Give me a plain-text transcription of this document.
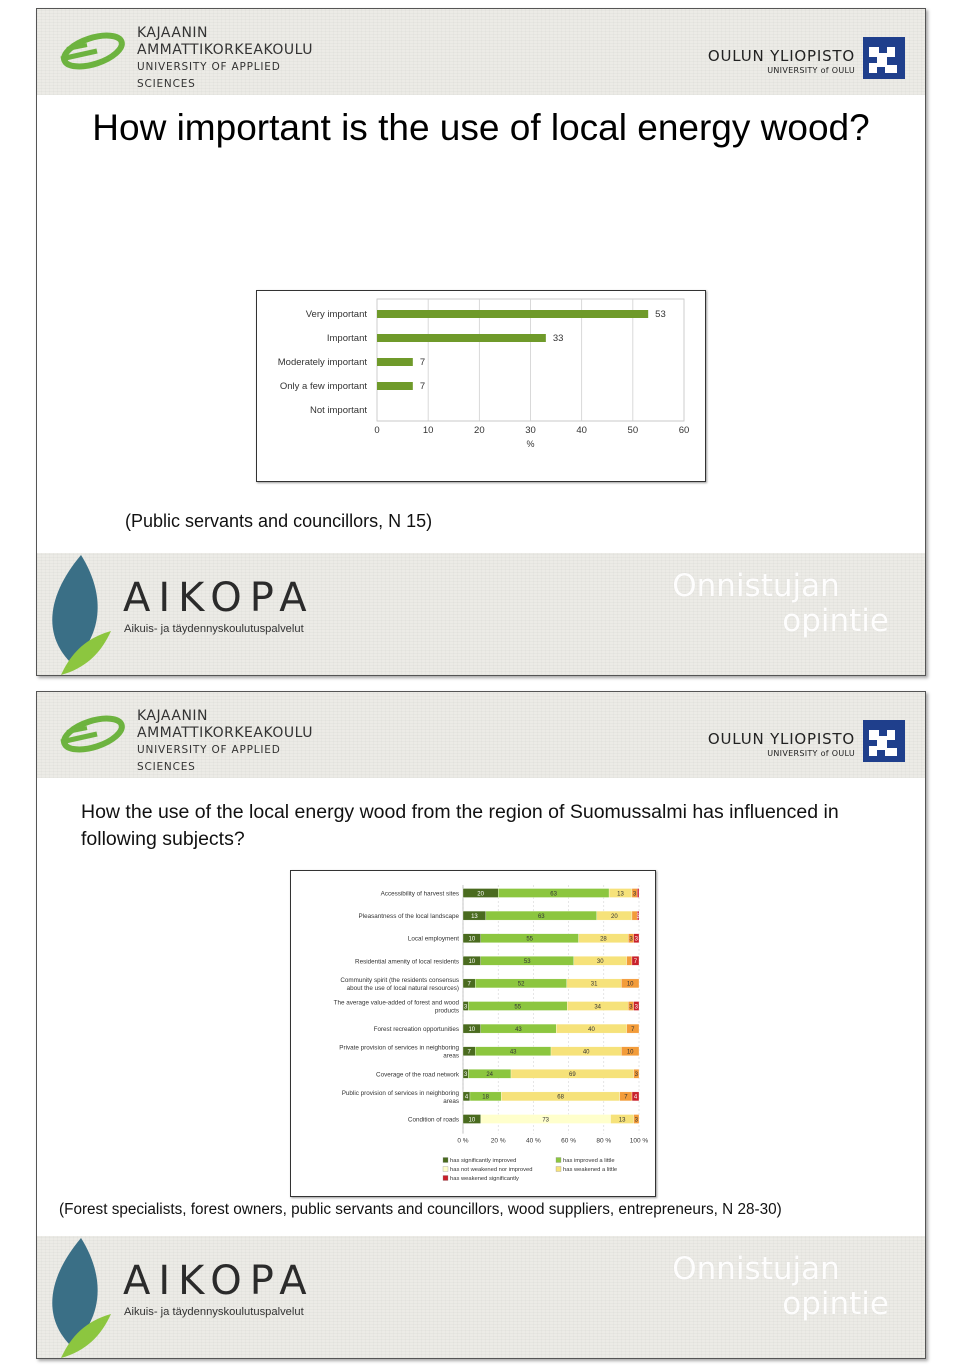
KAJAANIN
AMMATTIKORKEAKOULU
UNIVERSITY OF APPLIED SCIENCES
OULUN YLIOPISTO
UNIVERSITY of OULU
How important is the use of local energy wood?
0	10	20	30	40	50	60
%
Very important	53
Important	33
Moderately important	7
Only a few important	7
Not important
(Public servants and councillors, N 15)
AIKOPA
Aikuis- ja täydennyskoulutuspalvelut
Onnistujan
opintie
KAJAANIN
AMMATTIKORKEAKOULU
UNIVERSITY OF APPLIED SCIENCES
OULUN YLIOPISTO
UNIVERSITY of OULU
How the use of the local energy wood from the region of Suomussalmi has influenced in following subjects?
0 %	20 %	40 %	60 %	80 %	100 %
Accessibility of harvest sites	20	63	13 3
Pleasantness of the local landscape 13	63	20	3
Local employment 10	55	28	3 3
Residential amenity of local residents 10	53	30	7
Community spirit (the residents consensus
about the use of local natural resources)
7	52	31	10
The average value-added of forest and wood
products
3	55	34	3 3
Forest recreation opportunities 10	43	40	7
Private provision of services in neighboring
areas
7	43	40	10
Coverage of the road network 3	24	69	3
Public provision of services in neighboring
areas
4 18	68	7 4
Condition of roads 10	73	13 3
has significantly improved	has improved a little
has not weakened nor improved	has weakened a little
has weakened significantly
(Forest specialists, forest owners, public servants and councillors, wood suppliers, entrepreneurs, N 28-30)
AIKOPA
Aikuis- ja täydennyskoulutuspalvelut
Onnistujan
opintie
